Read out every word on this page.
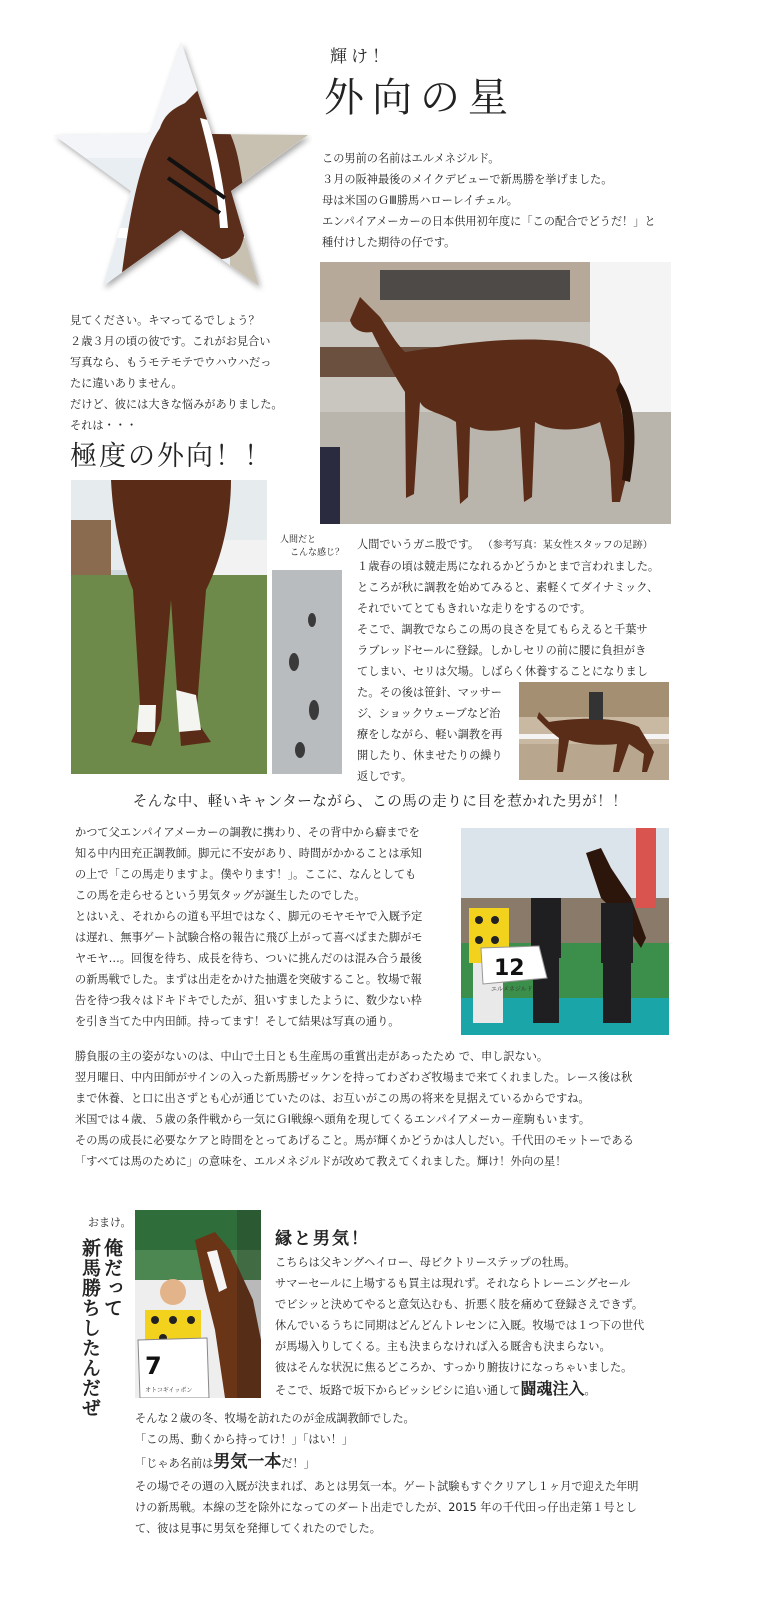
輝け！
外向の星

この男前の名前はエルメネジルド。

３月の阪神最後のメイクデビューで新馬勝を挙げました。

母は米国のＧⅢ勝馬ハローレイチェル。

エンパイアメーカーの日本供用初年度に「この配合でどうだ！」と

種付けした期待の仔です。

見てください。キマってるでしょう？

２歳３月の頃の彼です。これがお見合い

写真なら、もうモテモテでウハウハだっ

たに違いありません。

だけど、彼には大きな悩みがありました。

それは・・・

極度の外向！！
人間だと
こんな感じ？

人間でいうガニ股です。 （参考写真：某女性スタッフの足跡）

１歳春の頃は競走馬になれるかどうかとまで言われました。

ところが秋に調教を始めてみると、素軽くてダイナミック、

それでいてとてもきれいな走りをするのです。

そこで、調教でならこの馬の良さを見てもらえると千葉サ

ラブレッドセールに登録。しかしセリの前に腰に負担がき

てしまい、セリは欠場。しばらく休養することになりまし

た。その後は笹針、マッサー

ジ、ショックウェーブなど治

療をしながら、軽い調教を再

開したり、休ませたりの繰り

返しです。

そんな中、軽いキャンターながら、この馬の走りに目を惹かれた男が！！

かつて父エンパイアメーカーの調教に携わり、その背中から癖までを

知る中内田充正調教師。脚元に不安があり、時間がかかることは承知

の上で「この馬走りますよ。僕やります！」。ここに、なんとしても

この馬を走らせるという男気タッグが誕生したのでした。

とはいえ、それからの道も平坦ではなく、脚元のモヤモヤで入厩予定

は遅れ、無事ゲート試験合格の報告に飛び上がって喜べばまた脚がモ

ヤモヤ…。回復を待ち、成長を待ち、ついに挑んだのは混み合う最後

の新馬戦でした。まずは出走をかけた抽選を突破すること。牧場で報

告を待つ我々はドキドキでしたが、狙いすましたように、数少ない枠

を引き当てた中内田師。持ってます！そして結果は写真の通り。

12
エルメネジルド

勝負服の主の姿がないのは、中山で土日とも生産馬の重賞出走があったため で、申し訳ない。

翌月曜日、中内田師がサインの入った新馬勝ゼッケンを持ってわざわざ牧場まで来てくれました。レース後は秋

まで休養、と口に出さずとも心が通じていたのは、お互いがこの馬の将来を見据えているからですね。

米国では４歳、５歳の条件戦から一気にＧⅠ戦線へ頭角を現してくるエンパイアメーカー産駒もいます。

その馬の成長に必要なケアと時間をとってあげること。馬が輝くかどうかは人しだい。千代田のモットーである

「すべては馬のために」の意味を、エルメネジルドが改めて教えてくれました。輝け！外向の星！

おまけ。
俺だって
新馬勝ちしたんだぜ 7
オトコギイッポン
縁と男気！

こちらは父キングヘイロー、母ビクトリーステップの牡馬。

サマーセールに上場するも買主は現れず。それならトレーニングセール

でビシッと決めてやると意気込むも、折悪く肢を痛めて登録さえできず。

休んでいるうちに同期はどんどんトレセンに入厩。牧場では１つ下の世代

が馬場入りしてくる。主も決まらなければ入る厩舎も決まらない。

彼はそんな状況に焦るどころか、すっかり腑抜けになっちゃいました。

そこで、坂路で坂下からビッシビシに追い通して闘魂注入。

そんな２歳の冬、牧場を訪れたのが金成調教師でした。

「この馬、動くから持ってけ！」「はい！」

「じゃあ名前は男気一本だ！」

その場でその週の入厩が決まれば、あとは男気一本。ゲート試験もすぐクリアし１ヶ月で迎えた年明

けの新馬戦。本線の芝を除外になってのダート出走でしたが、2015 年の千代田っ仔出走第１号とし

て、彼は見事に男気を発揮してくれたのでした。
